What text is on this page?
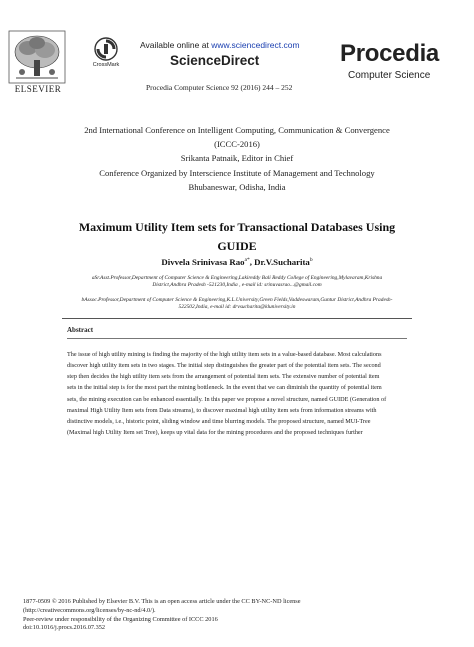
ELSEVIER
CrossMark
Available online at www.sciencedirect.com
ScienceDirect
Procedia Computer Science 92 (2016) 244 – 252
Procedia
Computer Science
2nd International Conference on Intelligent Computing, Communication & Convergence
(ICCC-2016)
Srikanta Patnaik, Editor in Chief
Conference Organized by Interscience Institute of Management and Technology
Bhubaneswar, Odisha, India
Maximum Utility Item sets for Transactional Databases Using
GUIDE
Divvela Srinivasa Rao$^{a*}$, Dr.V.Sucharita$^b$
aSr.Asst.Professor,Department of Computer Science & Engineering,Lakireddy Bali Reddy College of Engineering,Mylavaram,Krishna
District,Andhra Pradesh -521230,India , e-mail id: srinuvasrao...@gmail.com
bAssoc.Professor,Department of Computer Science & Engineering,K.L.University,Green Fields,Vaddeswaram,Guntur District,Andhra Pradesh-
522502,India, e-mail id: drvsucharita@kluniversity.in
Abstract
The issue of high utility mining is finding the majority of the high utility item sets in a value-based database. Most calculations
discover high utility item sets in two stages. The initial step distinguishes the greater part of the potential item sets. The second
step then decides the high utility item sets from the arrangement of potential item sets. The extensive number of potential item
sets in the initial step is for the most part the mining bottleneck. In the event that we can diminish the quantity of potential item
sets, the mining execution can be enhanced essentially. In this paper we propose a novel structure, named GUIDE (Generation of
maximal High Utility Item sets from Data streams), to discover maximal high utility item sets from information streams with
distinctive models, i.e., historic point, sliding window and time blurring models. The proposed structure, named MUI-Tree
(Maximal high Utility Item set Tree), keeps up vital data for the mining procedures and the proposed techniques further
1877-0509 © 2016 Published by Elsevier B.V. This is an open access article under the CC BY-NC-ND license
(http://creativecommons.org/licenses/by-nc-nd/4.0/).
Peer-review under responsibility of the Organizing Committee of ICCC 2016
doi:10.1016/j.procs.2016.07.352
